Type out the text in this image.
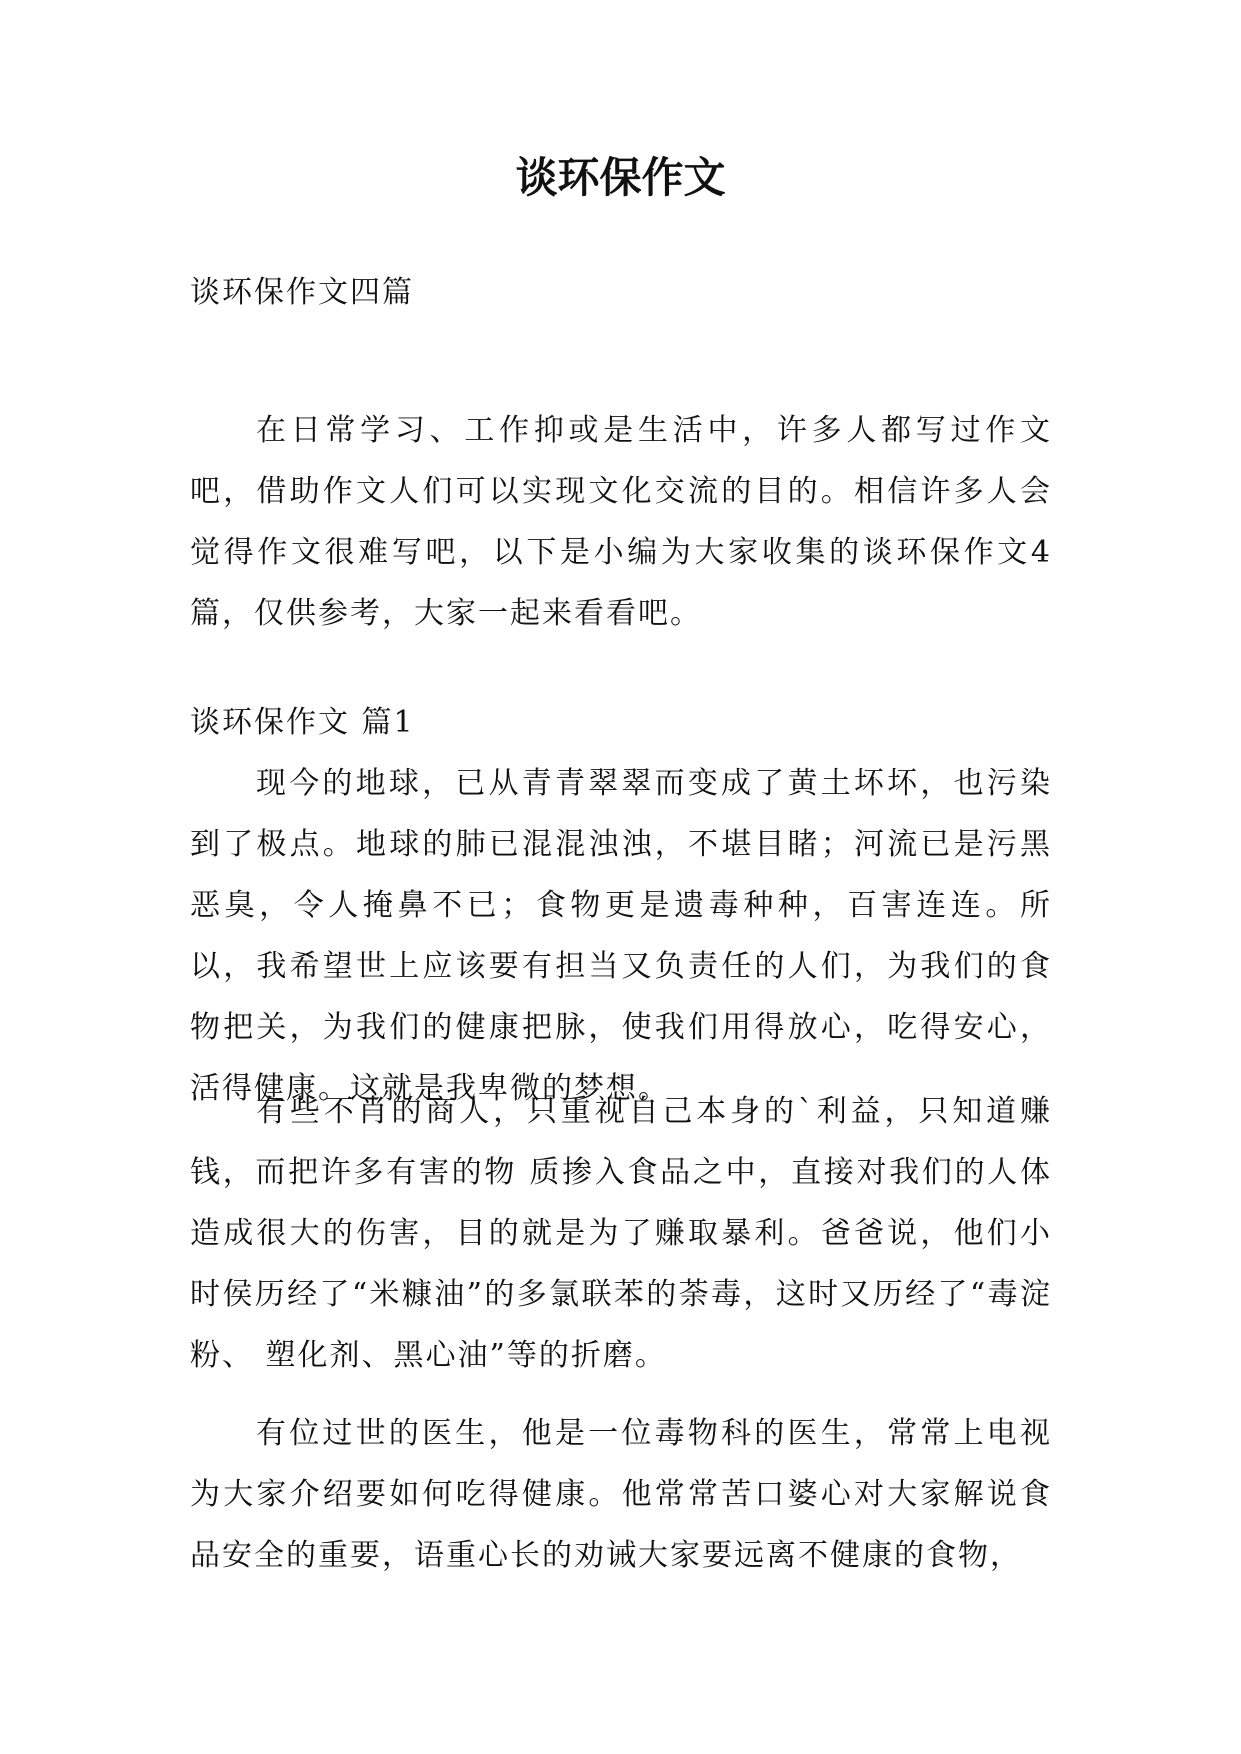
谈环保作文

谈环保作文四篇

在日常学习、工作抑或是生活中，许多人都写过作文吧，借助作文人们可以实现文化交流的目的。相信许多人会觉得作文很难写吧，以下是小编为大家收集的谈环保作文4篇，仅供参考，大家一起来看看吧。

谈环保作文 篇1

现今的地球，已从青青翠翠而变成了黄土坏坏，也污染到了极点。地球的肺已混混浊浊，不堪目睹；河流已是污黑恶臭，令人掩鼻不已；食物更是遗毒种种，百害连连。所以，我希望世上应该要有担当又负责任的人们，为我们的食物把关，为我们的健康把脉，使我们用得放心，吃得安心，活得健康。这就是我卑微的梦想。

有些不肖的商人，只重视自己本身的`利益，只知道赚钱，而把许多有害的物 质掺入食品之中，直接对我们的人体造成很大的伤害，目的就是为了赚取暴利。爸爸说，他们小时侯历经了“米糠油”的多氯联苯的荼毒，这时又历经了“毒淀粉、 塑化剂、黑心油”等的折磨。

有位过世的医生，他是一位毒物科的医生，常常上电视为大家介绍要如何吃得健康。他常常苦口婆心对大家解说食品安全的重要，语重心长的劝诫大家要远离不健康的食物，
